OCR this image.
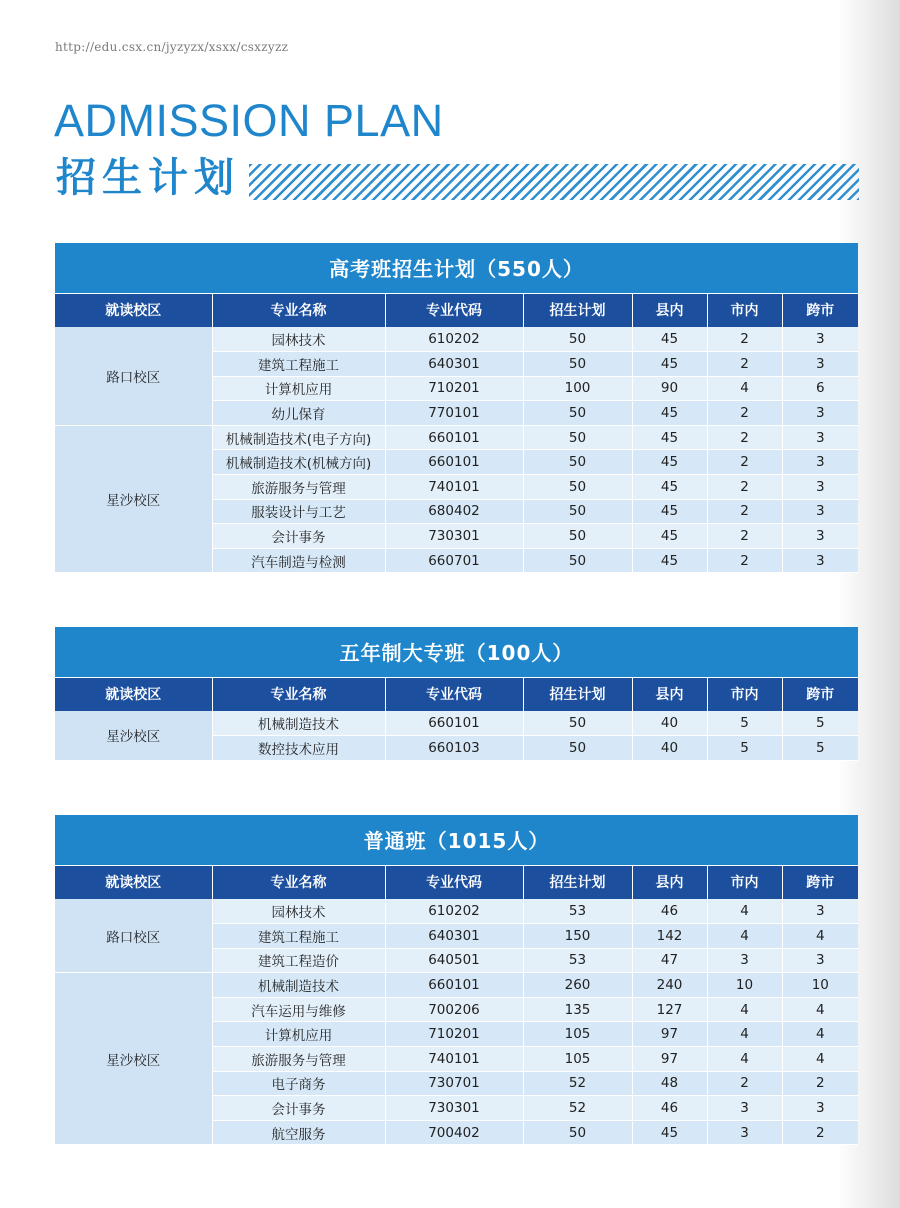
http://edu.csx.cn/jyzyzx/xsxx/csxzyzz
ADMISSION PLAN
招生计划
高考班招生计划（550人）						
就读校区	专业名称	专业代码	招生计划	县内	市内	跨市
路口校区	园林技术	610202	50	45	2	3
	建筑工程施工	640301	50	45	2	3
	计算机应用	710201	100	90	4	6
	幼儿保育	770101	50	45	2	3
星沙校区	机械制造技术(电子方向)	660101	50	45	2	3
	机械制造技术(机械方向)	660101	50	45	2	3
	旅游服务与管理	740101	50	45	2	3
	服装设计与工艺	680402	50	45	2	3
	会计事务	730301	50	45	2	3
	汽车制造与检测	660701	50	45	2	3
五年制大专班（100人）						
就读校区	专业名称	专业代码	招生计划	县内	市内	跨市
星沙校区	机械制造技术	660101	50	40	5	5
	数控技术应用	660103	50	40	5	5
普通班（1015人）						
就读校区	专业名称	专业代码	招生计划	县内	市内	跨市
路口校区	园林技术	610202	53	46	4	3
	建筑工程施工	640301	150	142	4	4
	建筑工程造价	640501	53	47	3	3
星沙校区	机械制造技术	660101	260	240	10	10
	汽车运用与维修	700206	135	127	4	4
	计算机应用	710201	105	97	4	4
	旅游服务与管理	740101	105	97	4	4
	电子商务	730701	52	48	2	2
	会计事务	730301	52	46	3	3
	航空服务	700402	50	45	3	2
